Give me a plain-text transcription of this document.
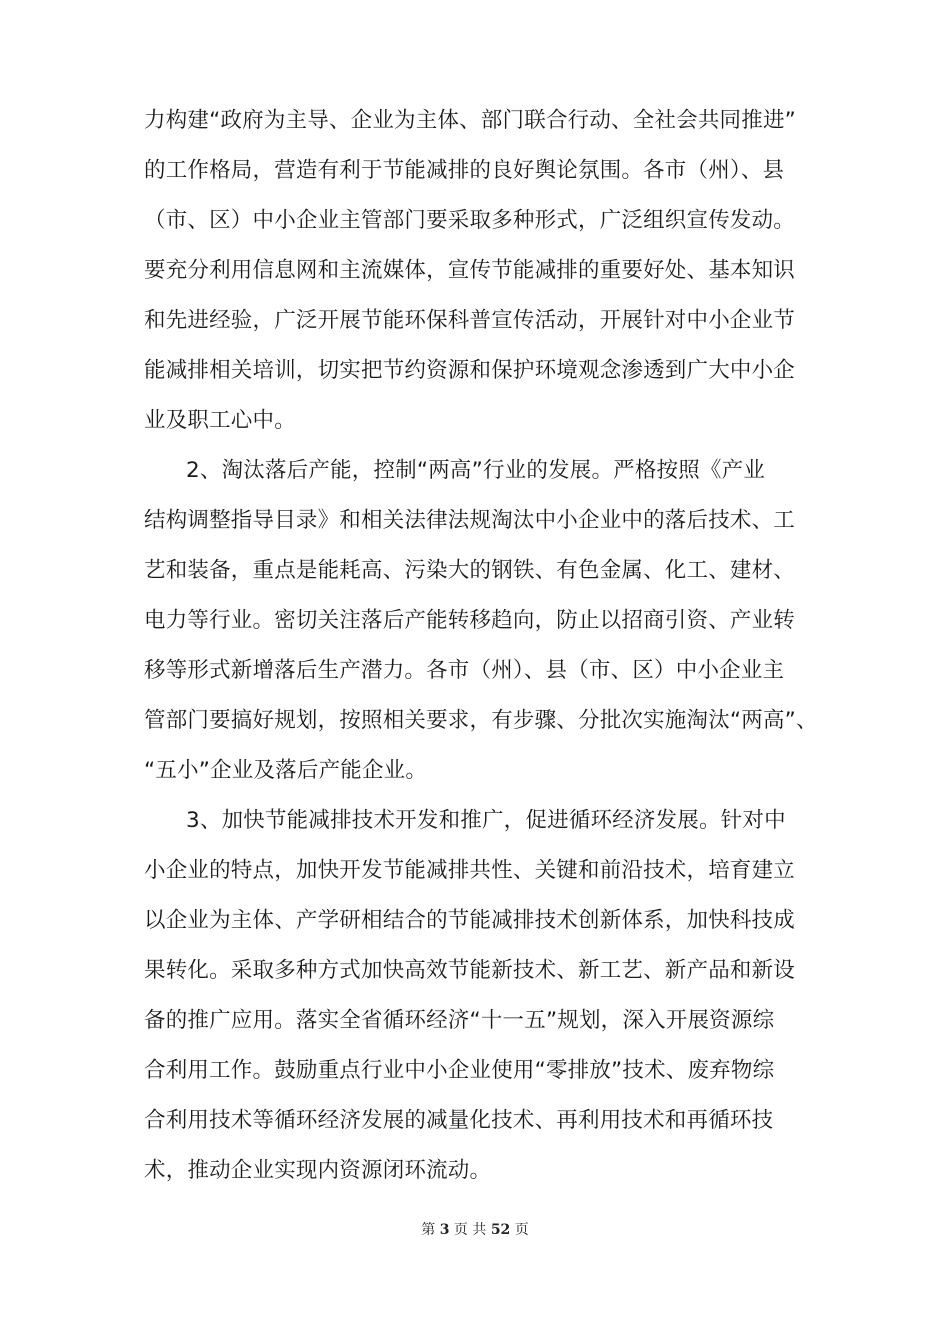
力构建“政府为主导、企业为主体、部门联合行动、全社会共同推进”
的工作格局，营造有利于节能减排的良好舆论氛围。各市（州）、县
（市、区）中小企业主管部门要采取多种形式，广泛组织宣传发动。
要充分利用信息网和主流媒体，宣传节能减排的重要好处、基本知识
和先进经验，广泛开展节能环保科普宣传活动，开展针对中小企业节
能减排相关培训，切实把节约资源和保护环境观念渗透到广大中小企
业及职工心中。
2、淘汰落后产能，控制“两高”行业的发展。严格按照《产业
结构调整指导目录》和相关法律法规淘汰中小企业中的落后技术、工
艺和装备，重点是能耗高、污染大的钢铁、有色金属、化工、建材、
电力等行业。密切关注落后产能转移趋向，防止以招商引资、产业转
移等形式新增落后生产潜力。各市（州）、县（市、区）中小企业主
管部门要搞好规划，按照相关要求，有步骤、分批次实施淘汰“两高”、
“五小”企业及落后产能企业。
3、加快节能减排技术开发和推广，促进循环经济发展。针对中
小企业的特点，加快开发节能减排共性、关键和前沿技术，培育建立
以企业为主体、产学研相结合的节能减排技术创新体系，加快科技成
果转化。采取多种方式加快高效节能新技术、新工艺、新产品和新设
备的推广应用。落实全省循环经济“十一五”规划，深入开展资源综
合利用工作。鼓励重点行业中小企业使用“零排放”技术、废弃物综
合利用技术等循环经济发展的减量化技术、再利用技术和再循环技
术，推动企业实现内资源闭环流动。
第 3 页 共 52 页
